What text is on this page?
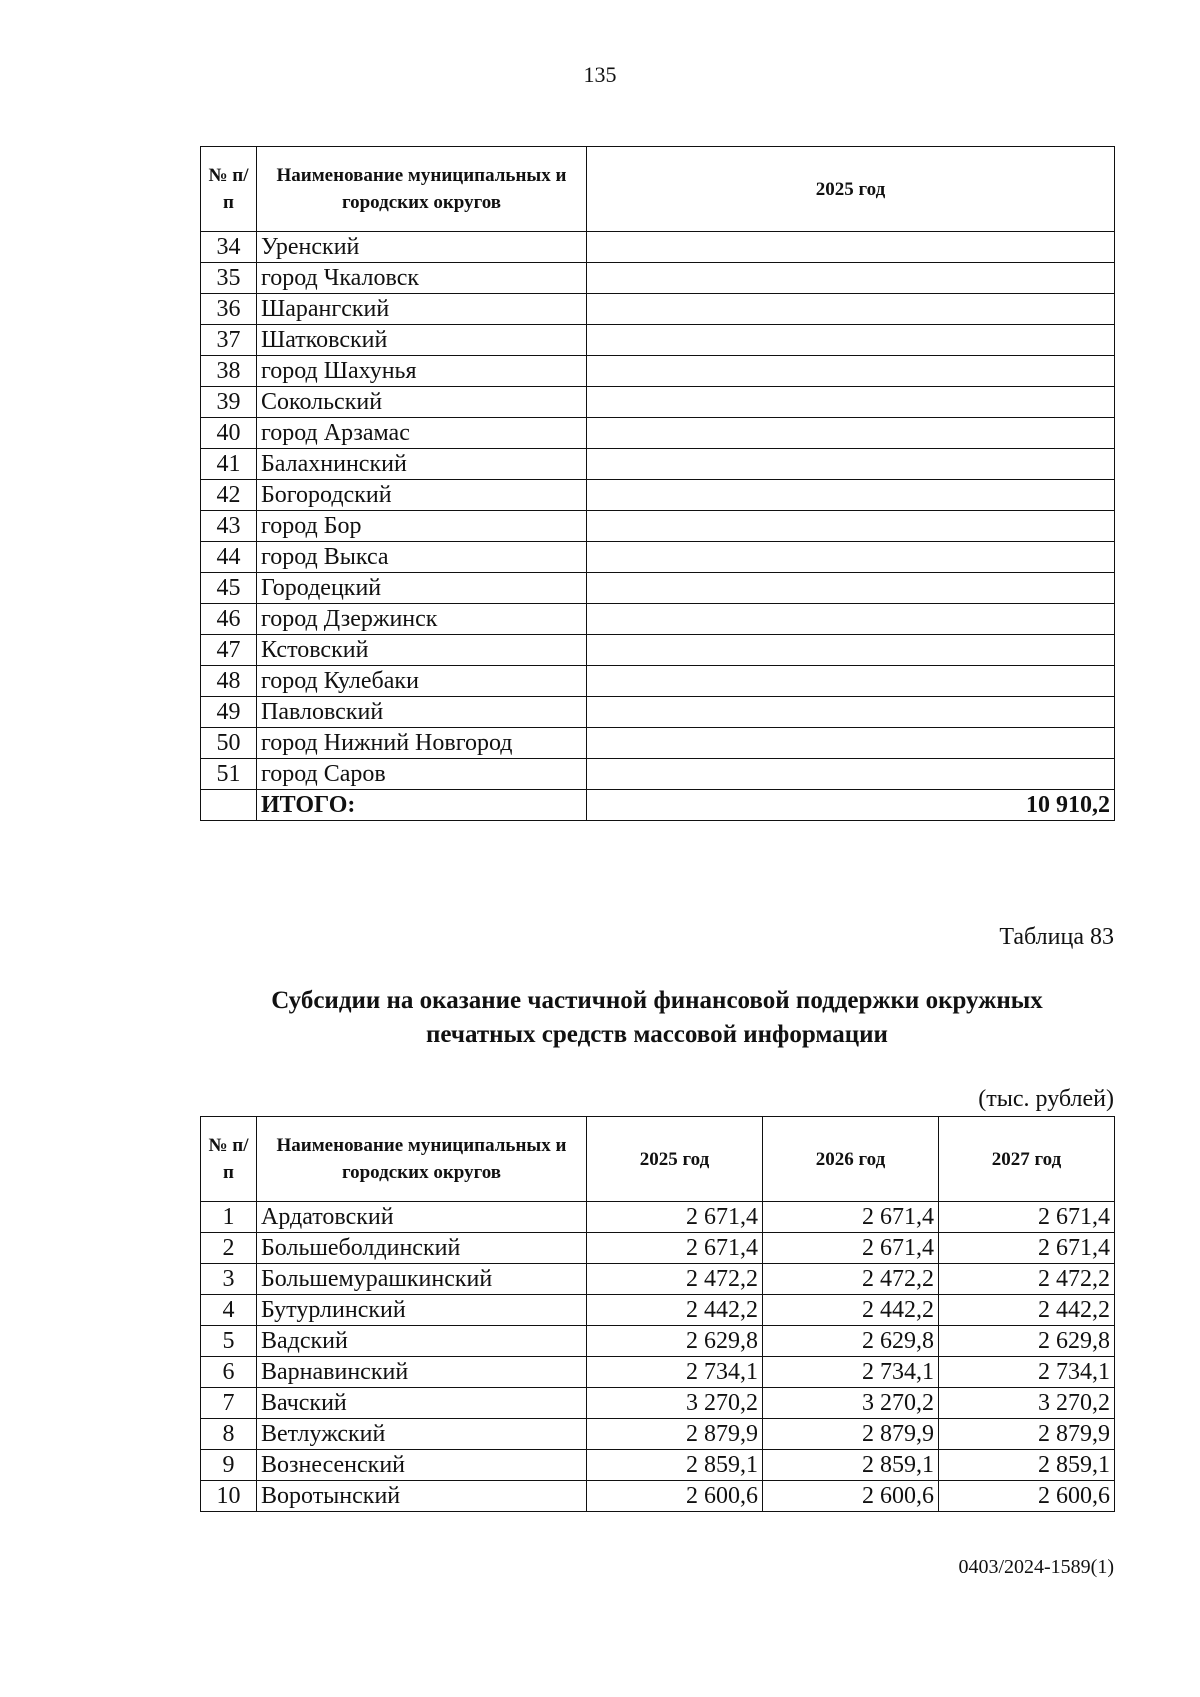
135
№ п/п	Наименование муниципальных и городских округов	2025 год
34	Уренский	
35	город Чкаловск	
36	Шарангский	
37	Шатковский	
38	город Шахунья	
39	Сокольский	
40	город Арзамас	
41	Балахнинский	
42	Богородский	
43	город Бор	
44	город Выкса	
45	Городецкий	
46	город Дзержинск	
47	Кстовский	
48	город Кулебаки	
49	Павловский	
50	город Нижний Новгород	
51	город Саров	
	ИТОГО:	10 910,2
Таблица 83
Субсидии на оказание частичной финансовой поддержки окружных
печатных средств массовой информации
(тыс. рублей)
№ п/п	Наименование муниципальных и городских округов	2025 год	2026 год	2027 год
1	Ардатовский	2 671,4	2 671,4	2 671,4
2	Большеболдинский	2 671,4	2 671,4	2 671,4
3	Большемурашкинский	2 472,2	2 472,2	2 472,2
4	Бутурлинский	2 442,2	2 442,2	2 442,2
5	Вадский	2 629,8	2 629,8	2 629,8
6	Варнавинский	2 734,1	2 734,1	2 734,1
7	Вачский	3 270,2	3 270,2	3 270,2
8	Ветлужский	2 879,9	2 879,9	2 879,9
9	Вознесенский	2 859,1	2 859,1	2 859,1
10	Воротынский	2 600,6	2 600,6	2 600,6
0403/2024-1589(1)
